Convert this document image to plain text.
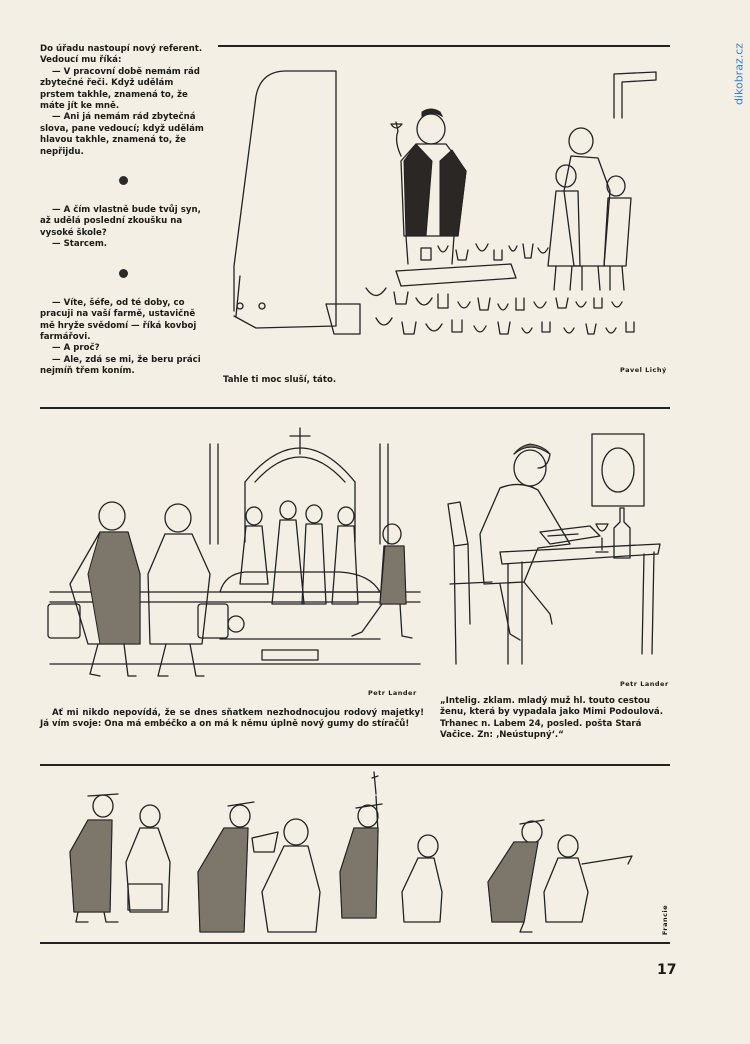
dikobraz.cz

Do úřadu nastoupí nový referent. Vedoucí mu říká:

— V pracovní době nemám rád zbytečné řeči. Když udělám prstem takhle, znamená to, že máte jít ke mně.

— Ani já nemám rád zbytečná slova, pane vedoucí; když udělám hlavou takhle, znamená to, že nepřijdu.

— A čím vlastně bude tvůj syn, až udělá poslední zkoušku na vysoké škole?

— Starcem.

— Víte, šéfe, od té doby, co pracuji na vaší farmě, ustavičně mě hryže svědomí — říká kovboj farmářovi.

— A proč?

— Ale, zdá se mi, že beru práci nejmíň třem koním.

Tahle ti moc sluší, táto.
Pavel Lichý
Petr Lander
Ať mi nikdo nepovídá, že se dnes sňatkem nezhodnocujou rodový majetky! Já vím svoje: Ona má embéčko a on má k němu úplně nový gumy do stíračů!
Petr Lander
„Intelig. zklam. mladý muž hl. touto cestou ženu, která by vypadala jako Mimi Podoulová. Trhanec n. Labem 24, posled. pošta Stará Vačice. Zn: ‚Neústupný‘.“
Francie
17
